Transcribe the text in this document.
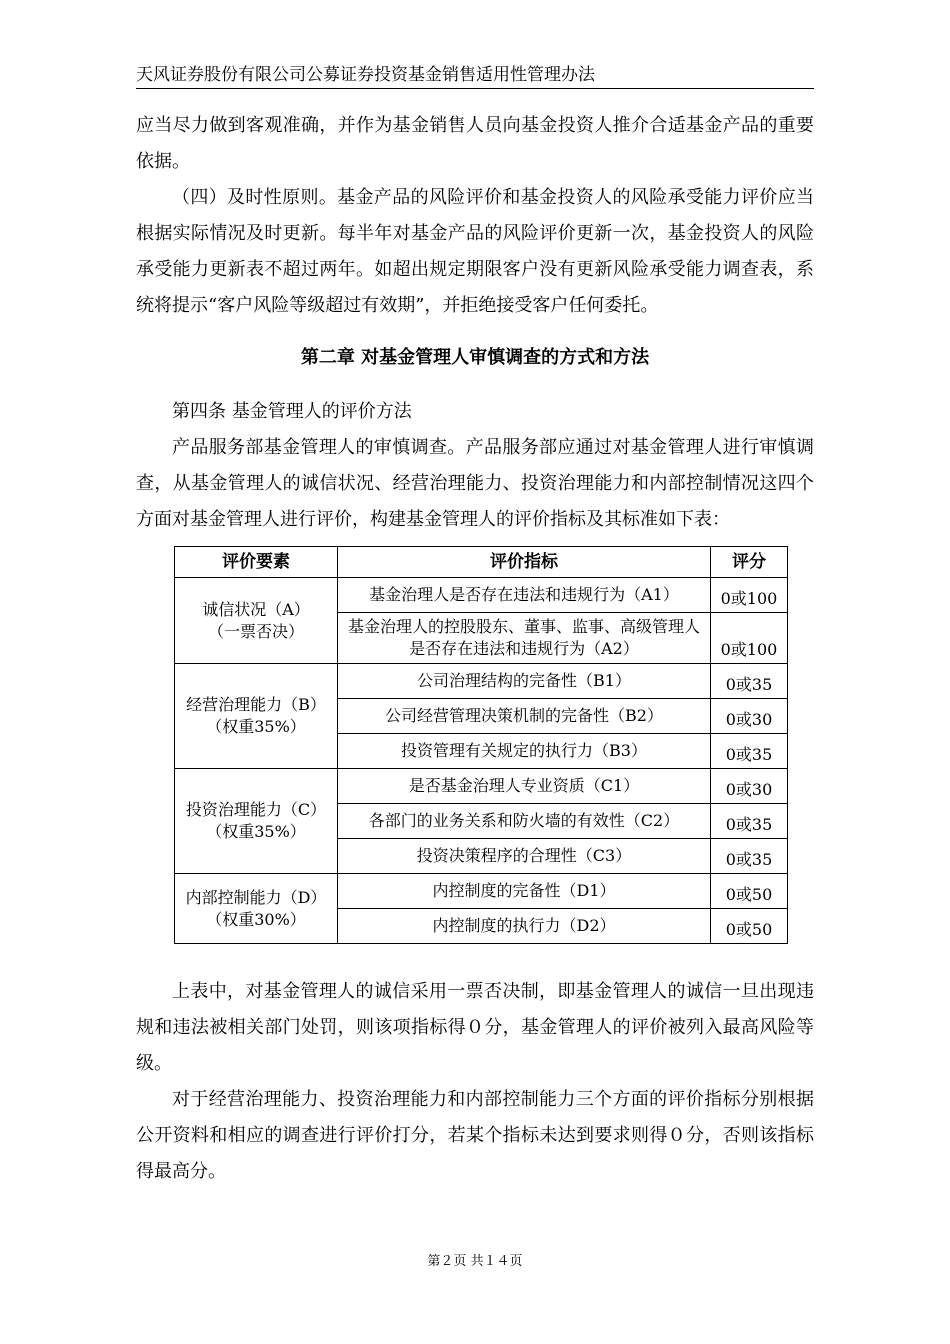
天风证券股份有限公司公募证券投资基金销售适用性管理办法

应当尽力做到客观准确，并作为基金销售人员向基金投资人推介合适基金产品的重要依据。

（四）及时性原则。基金产品的风险评价和基金投资人的风险承受能力评价应当根据实际情况及时更新。每半年对基金产品的风险评价更新一次，基金投资人的风险承受能力更新表不超过两年。如超出规定期限客户没有更新风险承受能力调查表，系统将提示“客户风险等级超过有效期”，并拒绝接受客户任何委托。

第二章 对基金管理人审慎调查的方式和方法

第四条 基金管理人的评价方法

产品服务部基金管理人的审慎调查。产品服务部应通过对基金管理人进行审慎调查，从基金管理人的诚信状况、经营治理能力、投资治理能力和内部控制情况这四个方面对基金管理人进行评价，构建基金管理人的评价指标及其标准如下表：

评价要素	评价指标	评分

诚信状况（A）
（一票否决）	基金治理人是否存在违法和违规行为（A1）	0或100
	基金治理人的控股股东、董事、监事、高级管理人是否存在违法和违规行为（A2）	0或100

经营治理能力（B）
（权重35%）	公司治理结构的完备性（B1）	0或35
	公司经营管理决策机制的完备性（B2）	0或30
	投资管理有关规定的执行力（B3）	0或35

投资治理能力（C）
（权重35%）	是否基金治理人专业资质（C1）	0或30
	各部门的业务关系和防火墙的有效性（C2）	0或35
	投资决策程序的合理性（C3）	0或35

内部控制能力（D）
（权重30%）	内控制度的完备性（D1）	0或50
	内控制度的执行力（D2）	0或50

上表中，对基金管理人的诚信采用一票否决制，即基金管理人的诚信一旦出现违规和违法被相关部门处罚，则该项指标得０分，基金管理人的评价被列入最高风险等级。

对于经营治理能力、投资治理能力和内部控制能力三个方面的评价指标分别根据公开资料和相应的调查进行评价打分，若某个指标未达到要求则得０分，否则该指标得最高分。

第２页 共１４页
